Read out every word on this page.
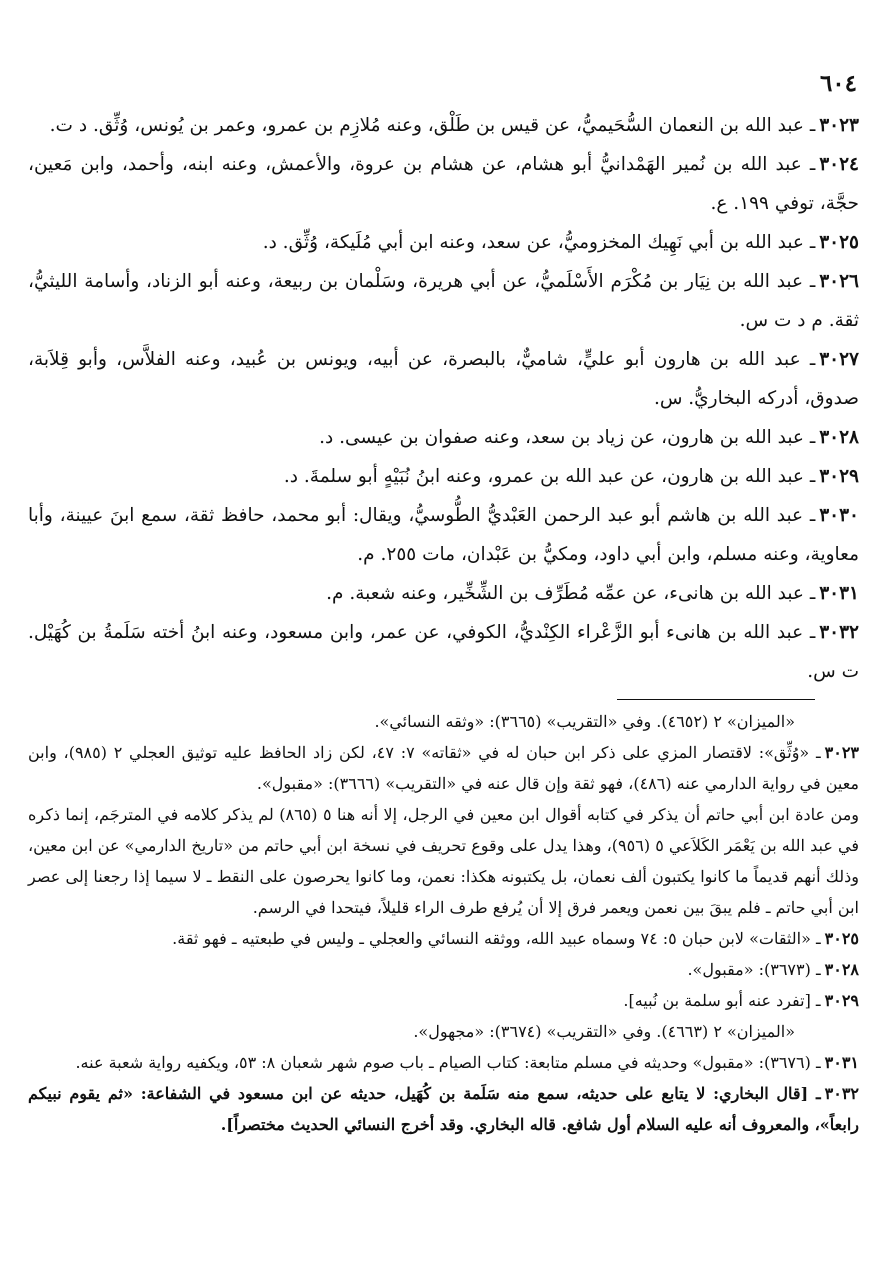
٦٠٤
٣٠٢٣ـ عبد الله بن النعمان السُّحَيميُّ، عن قيس بن طَلْق، وعنه مُلازِم بن عمرو، وعمر بن يُونس، وُثِّق. د ت.
٣٠٢٤ـ عبد الله بن نُمير الهَمْدانيُّ أبو هشام، عن هشام بن عروة، والأعمش، وعنه ابنه، وأحمد، وابن مَعين، حجَّة، توفي ١٩٩. ع.
٣٠٢٥ـ عبد الله بن أبي نَهِيك المخزوميُّ، عن سعد، وعنه ابن أبي مُلَيكة، وُثِّق. د.
٣٠٢٦ـ عبد الله بن نِيَار بن مُكْرَم الأَسْلَميُّ، عن أبي هريرة، وسَلْمان بن ربيعة، وعنه أبو الزناد، وأسامة الليثيُّ، ثقة. م د ت س.
٣٠٢٧ـ عبد الله بن هارون أبو عليٍّ، شاميٌّ، بالبصرة، عن أبيه، ويونس بن عُبيد، وعنه الفلاَّس، وأبو قِلاَبة، صدوق، أدركه البخاريُّ. س.
٣٠٢٨ـ عبد الله بن هارون، عن زياد بن سعد، وعنه صفوان بن عيسى. د.
٣٠٢٩ـ عبد الله بن هارون، عن عبد الله بن عمرو، وعنه ابنُ نُبَيْهٍ أبو سلمةَ. د.
٣٠٣٠ـ عبد الله بن هاشم أبو عبد الرحمن العَبْديُّ الطُّوسيُّ، ويقال: أبو محمد، حافظ ثقة، سمع ابنَ عيينة، وأبا معاوية، وعنه مسلم، وابن أبي داود، ومكيُّ بن عَبْدان، مات ٢٥٥. م.
٣٠٣١ـ عبد الله بن هانىء، عن عمِّه مُطَرِّف بن الشِّخِّير، وعنه شعبة. م.
٣٠٣٢ـ عبد الله بن هانىء أبو الزَّعْراء الكِنْديُّ، الكوفي، عن عمر، وابن مسعود، وعنه ابنُ أخته سَلَمةُ بن كُهَيْل. ت س.
«الميزان» ٢ (٤٦٥٢). وفي «التقريب» (٣٦٦٥): «وثقه النسائي».
٣٠٢٣ـ «وُثِّق»: لاقتصار المزي على ذكر ابن حبان له في «ثقاته» ٧: ٤٧، لكن زاد الحافظ عليه توثيق العجلي ٢ (٩٨٥)، وابن معين في رواية الدارمي عنه (٤٨٦)، فهو ثقة وإن قال عنه في «التقريب» (٣٦٦٦): «مقبول».
ومن عادة ابن أبي حاتم أن يذكر في كتابه أقوال ابن معين في الرجل، إلا أنه هنا ٥ (٨٦٥) لم يذكر كلامه في المترجَم، إنما ذكره في عبد الله بن يَعْمَر الكَلاَعي ٥ (٩٥٦)، وهذا يدل على وقوع تحريف في نسخة ابن أبي حاتم من «تاريخ الدارمي» عن ابن معين، وذلك أنهم قديماً ما كانوا يكتبون ألف نعمان، بل يكتبونه هكذا: نعمن، وما كانوا يحرصون على النقط ـ لا سيما إذا رجعنا إلى عصر ابن أبي حاتم ـ فلم يبقَ بين نعمن ويعمر فرق إلا أن يُرفع طرف الراء قليلاً، فيتحدا في الرسم.
٣٠٢٥ـ «الثقات» لابن حبان ٥: ٧٤ وسماه عبيد الله، ووثقه النسائي والعجلي ـ وليس في طبعتيه ـ فهو ثقة.
٣٠٢٨ـ (٣٦٧٣): «مقبول».
٣٠٢٩ـ [تفرد عنه أبو سلمة بن نُبيه].
«الميزان» ٢ (٤٦٦٣). وفي «التقريب» (٣٦٧٤): «مجهول».
٣٠٣١ـ (٣٦٧٦): «مقبول» وحديثه في مسلم متابعة: كتاب الصيام ـ باب صوم شهر شعبان ٨: ٥٣، ويكفيه رواية شعبة عنه.
٣٠٣٢ـ [قال البخاري: لا يتابع على حديثه، سمع منه سَلَمة بن كُهَيل، حديثه عن ابن مسعود في الشفاعة: «ثم يقوم نبيكم رابعاً»، والمعروف أنه عليه السلام أول شافع. قاله البخاري. وقد أخرج النسائي الحديث مختصراً].
